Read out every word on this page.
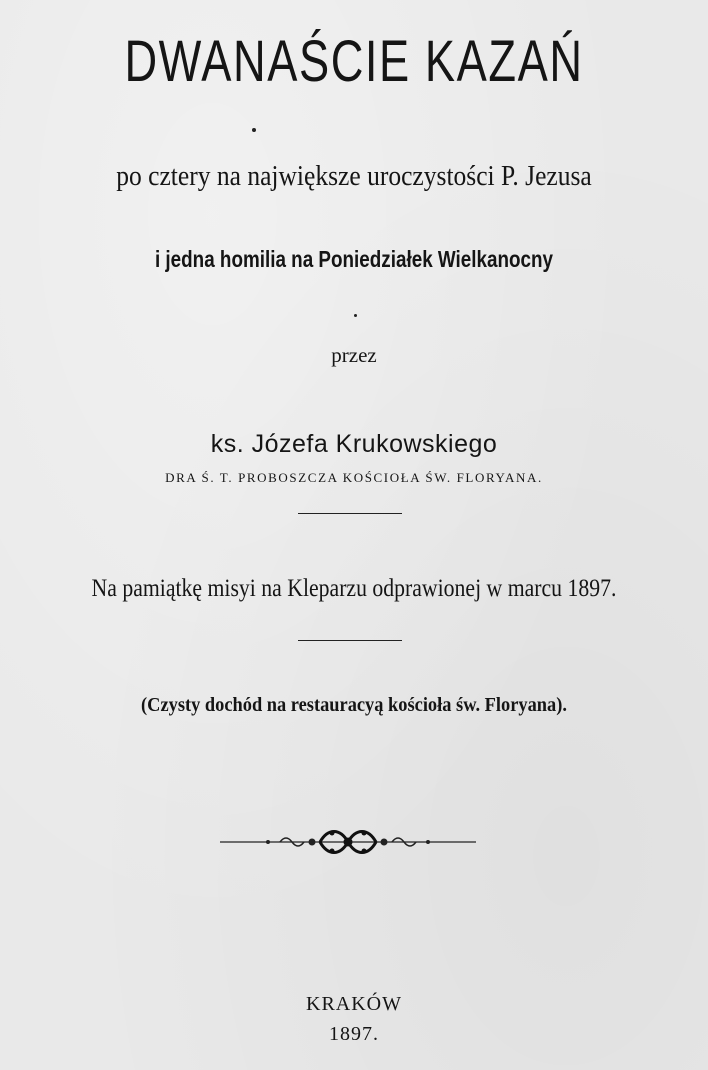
DWANAŚCIE KAZAŃ
po cztery na największe uroczystości P. Jezusa
i jedna homilia na Poniedziałek Wielkanocny
przez
ks. Józefa Krukowskiego
DRA Ś. T. PROBOSZCZA KOŚCIOŁA ŚW. FLORYANA.
Na pamiątkę misyi na Kleparzu odprawionej w marcu 1897.
(Czysty dochód na restauracyą kościoła św. Floryana).
KRAKÓW
1897.
